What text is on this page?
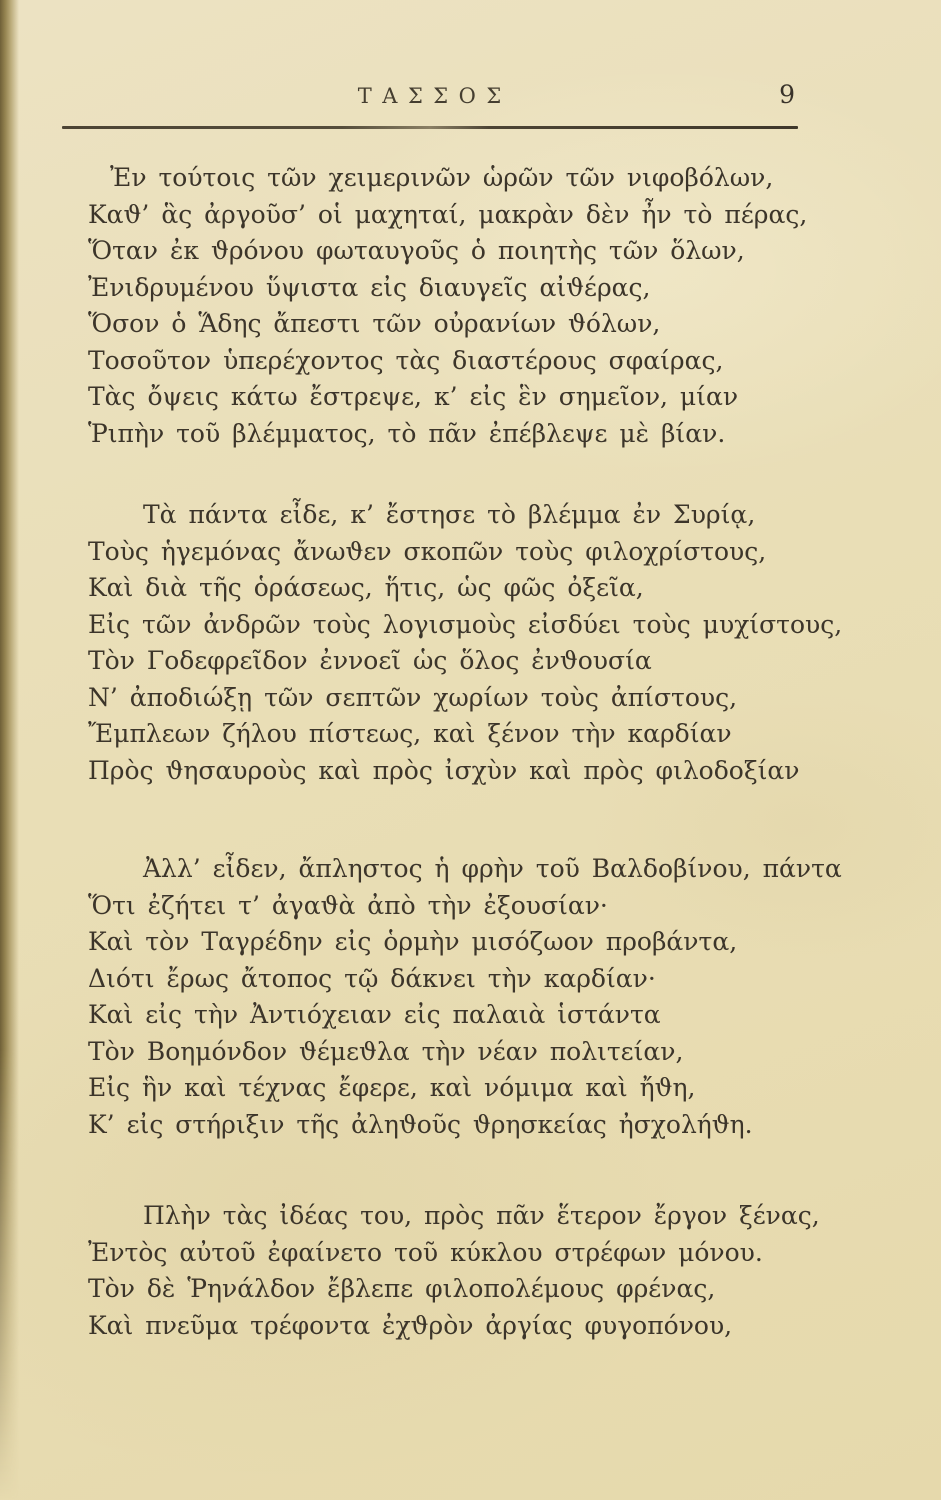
ΤΑΣΣΟΣ	9
Ἐν τούτοις τῶν χειμερινῶν ὡρῶν τῶν νιφοβόλων,
Καϑ’ ἃς ἀργοῦσ’ οἱ μαχηταί, μακρὰν δὲν ἦν τὸ πέρας,
Ὅταν ἐκ ϑρόνου φωταυγοῦς ὁ ποιητὴς τῶν ὅλων,
Ἐνιδρυμένου ὕψιστα εἰς διαυγεῖς αἰϑέρας,
Ὅσον ὁ Ἅδης ἄπεστι τῶν οὐρανίων ϑόλων,
Τοσοῦτον ὑπερέχοντος τὰς διαστέρους σφαίρας,
Τὰς ὄψεις κάτω ἔστρεψε, κ’ εἰς ἓν σημεῖον, μίαν
Ῥιπὴν τοῦ βλέμματος, τὸ πᾶν ἐπέβλεψε μὲ βίαν.
Τὰ πάντα εἶδε, κ’ ἔστησε τὸ βλέμμα ἐν Συρίᾳ,
Τοὺς ἡγεμόνας ἄνωϑεν σκοπῶν τοὺς φιλοχρίστους,
Καὶ διὰ τῆς ὁράσεως, ἥτις, ὡς φῶς ὀξεῖα,
Εἰς τῶν ἀνδρῶν τοὺς λογισμοὺς εἰσδύει τοὺς μυχίστους,
Τὸν Γοδεφρεῖδον ἐννοεῖ ὡς ὅλος ἐνϑουσία
Ν’ ἀποδιώξῃ τῶν σεπτῶν χωρίων τοὺς ἀπίστους,
Ἔμπλεων ζήλου πίστεως, καὶ ξένον τὴν καρδίαν
Πρὸς ϑησαυροὺς καὶ πρὸς ἰσχὺν καὶ πρὸς φιλοδοξίαν
Ἀλλ’ εἶδεν, ἄπληστος ἡ φρὴν τοῦ Βαλδοβίνου, πάντα
Ὅτι ἐζήτει τ’ ἀγαϑὰ ἀπὸ τὴν ἐξουσίαν·
Καὶ τὸν Ταγρέδην εἰς ὁρμὴν μισόζωον προβάντα,
Διότι ἔρως ἄτοπος τῷ δάκνει τὴν καρδίαν·
Καὶ εἰς τὴν Ἀντιόχειαν εἰς παλαιὰ ἱστάντα
Τὸν Βοημόνδον ϑέμεϑλα τὴν νέαν πολιτείαν,
Εἰς ἣν καὶ τέχνας ἔφερε, καὶ νόμιμα καὶ ἤϑη,
Κ’ εἰς στήριξιν τῆς ἀληϑοῦς ϑρησκείας ἠσχολήϑη.
Πλὴν τὰς ἰδέας του, πρὸς πᾶν ἕτερον ἔργον ξένας,
Ἐντὸς αὐτοῦ ἐφαίνετο τοῦ κύκλου στρέφων μόνου.
Τὸν δὲ Ῥηνάλδον ἔβλεπε φιλοπολέμους φρένας,
Καὶ πνεῦμα τρέφοντα ἐχϑρὸν ἀργίας φυγοπόνου,
